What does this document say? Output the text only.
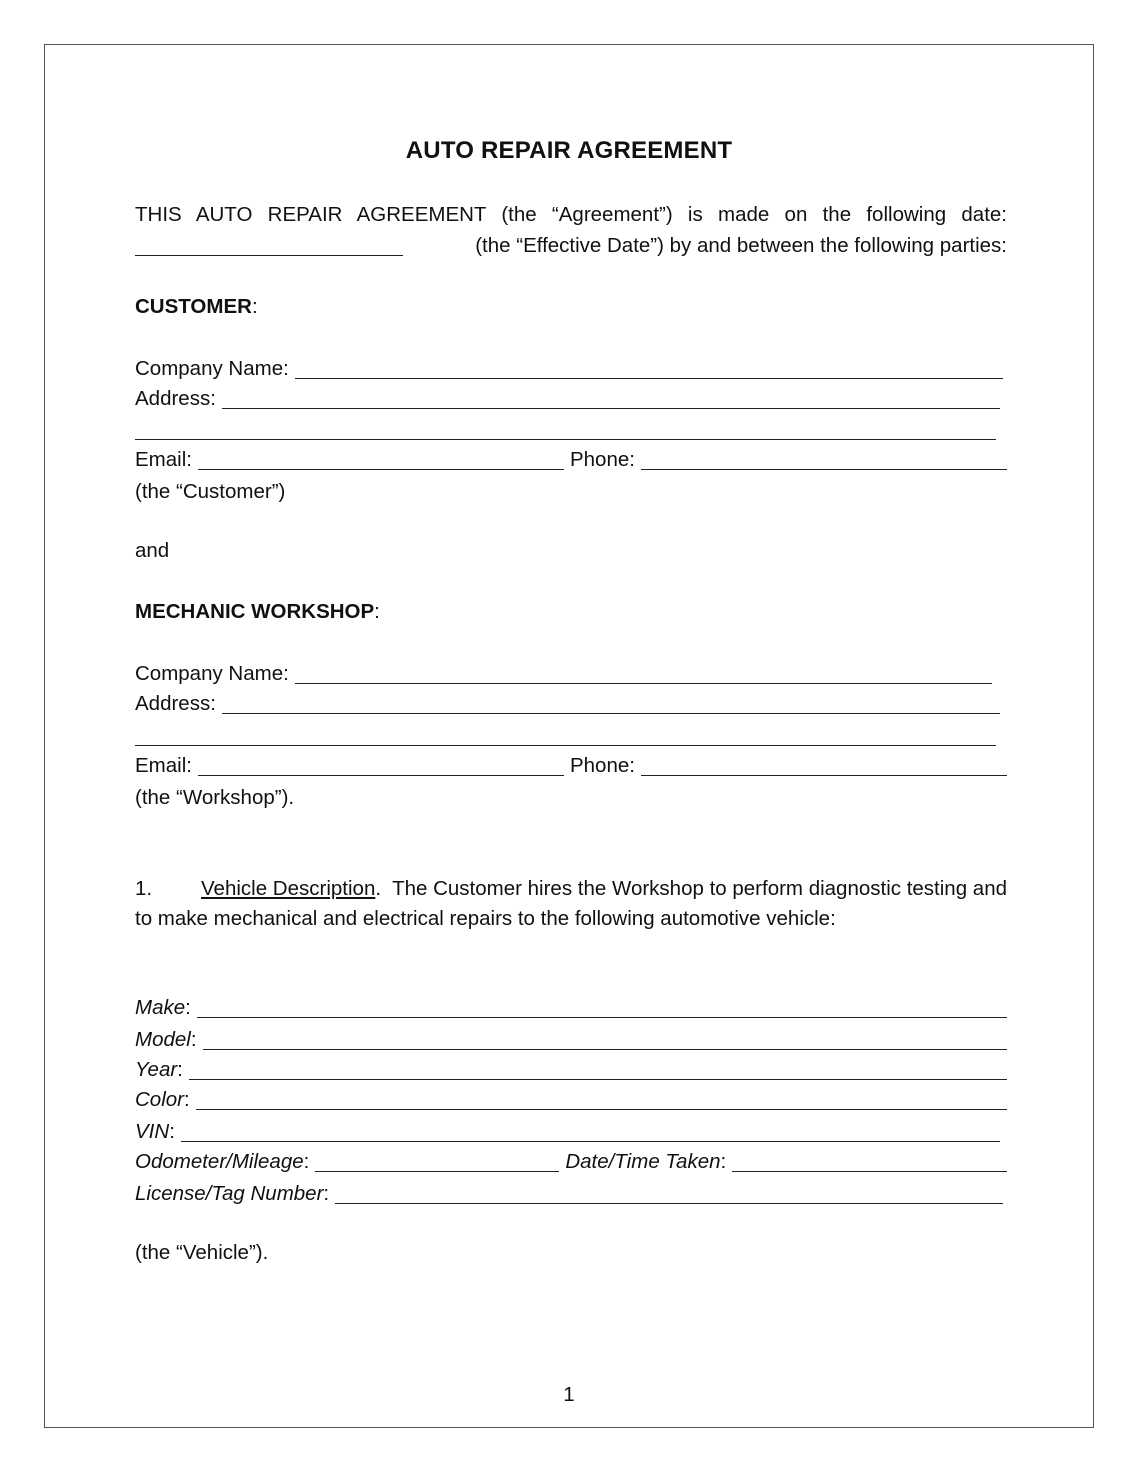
AUTO REPAIR AGREEMENT
THIS AUTO REPAIR AGREEMENT (the “Agreement”) is made on the following date:
(the “Effective Date”) by and between the following parties:
CUSTOMER :
Company Name:
Address:
Email:	Phone:
(the “Customer”)
and
MECHANIC WORKSHOP :
Company Name:
Address:
Email:	Phone:
(the “Workshop”).
1. Vehicle Description.  The Customer hires the Workshop to perform diagnostic testing and to make mechanical and electrical repairs to the following automotive vehicle:
Make :
Model :
Year :
Color :
VIN :
Odometer/Mileage :	Date/Time Taken :
License/Tag Number :
(the “Vehicle”).
1
